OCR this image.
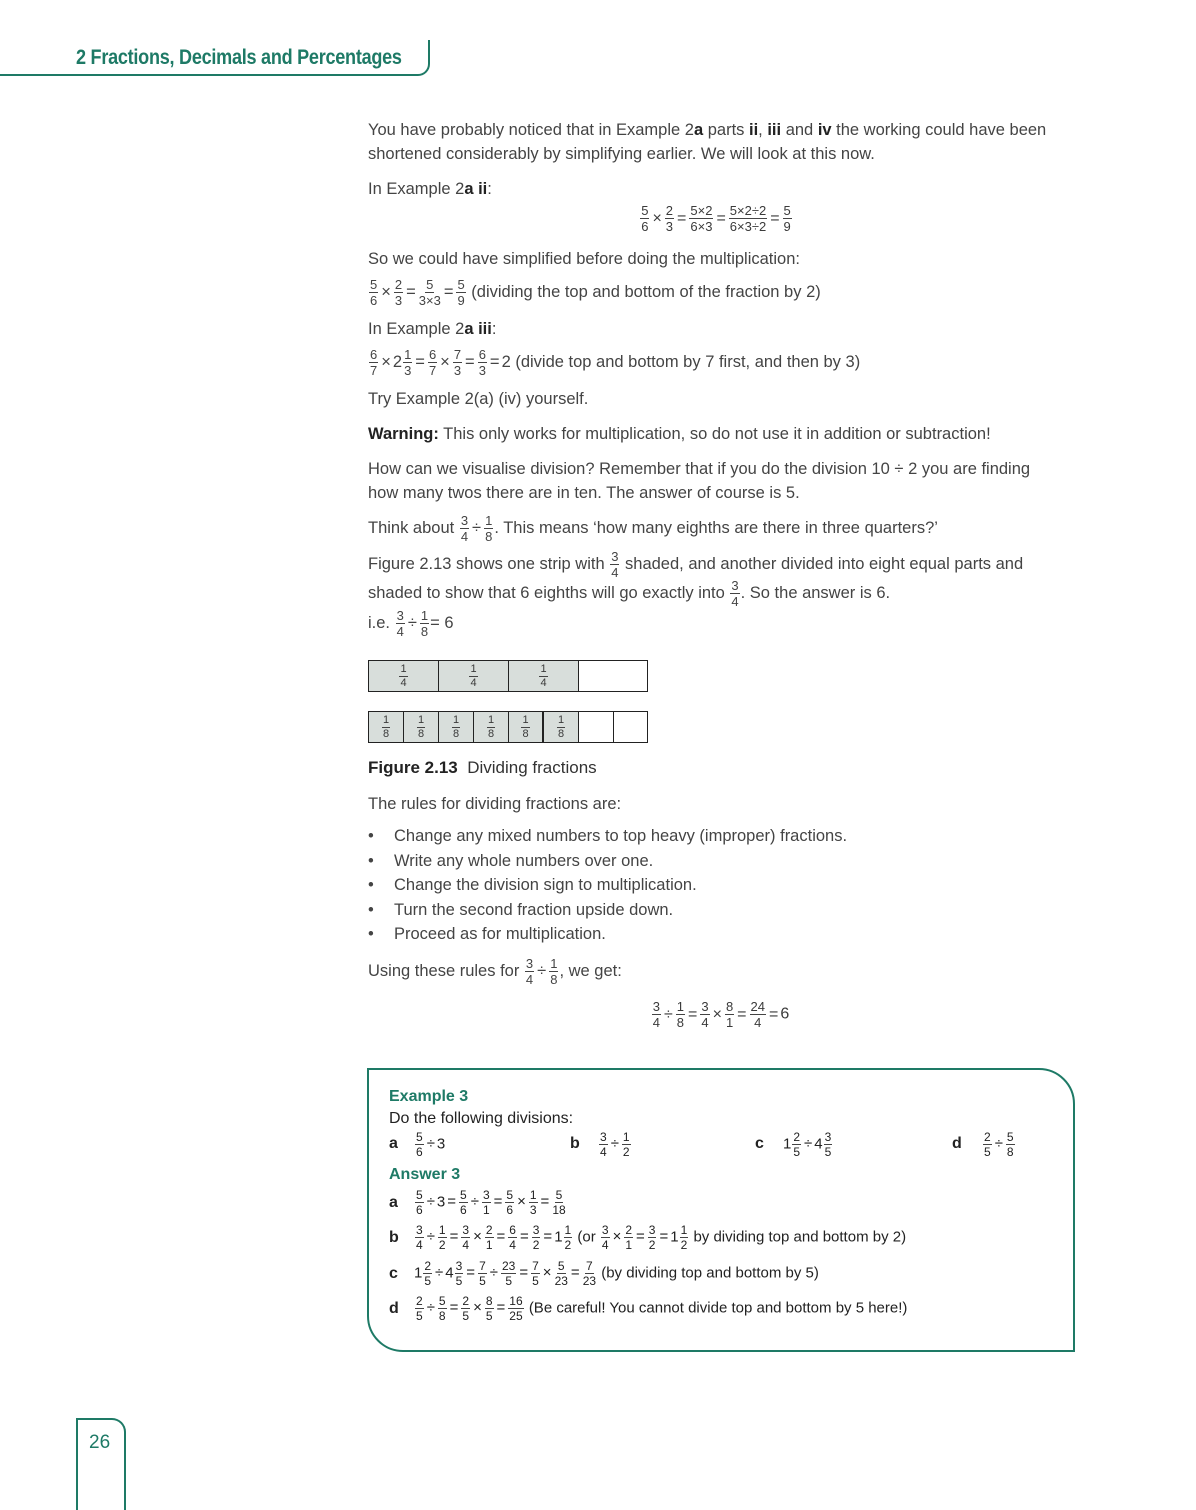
2 Fractions, Decimals and Percentages
You have probably noticed that in Example 2a parts ii, iii and iv the working could have been
shortened considerably by simplifying earlier. We will look at this now.
In Example 2a ii:
$\frac{5}{6} \times \frac{2}{3} = \frac{5\times 2}{6\times 3} = \frac{5\times 2\div 2}{6\times 3\div 2} = \frac{5}{9}$
So we could have simplified before doing the multiplication:
$\frac{5}{6} \times \frac{2}{3} = \frac{5}{3\times 3} = \frac{5}{9}$ (dividing the top and bottom of the fraction by 2)
In Example 2a iii:
$\frac{6}{7} \times 2 \frac{1}{3} = \frac{6}{7} \times \frac{7}{3} = \frac{6}{3} = 2$ (divide top and bottom by 7 first, and then by 3)
Try Example 2(a) (iv) yourself.
Warning: This only works for multiplication, so do not use it in addition or subtraction!
How can we visualise division? Remember that if you do the division 10 ÷ 2 you are finding
how many twos there are in ten. The answer of course is 5.
Think about $\frac{3}{4} \div \frac{1}{8}$ . This means ‘how many eighths are there in three quarters?’
Figure 2.13 shows one strip with $\frac{3}{4}$ shaded, and another divided into eight equal parts and
shaded to show that 6 eighths will go exactly into $\frac{3}{4}$ . So the answer is 6.
i.e. $\frac{3}{4} \div \frac{1}{8} = 6$
1
4
1
4
1
4
1
8
1
8
1
8
1
8
1
8
1
8
Figure 2.13 Dividing fractions
The rules for dividing fractions are:
• Change any mixed numbers to top heavy (improper) fractions.
• Write any whole numbers over one.
• Change the division sign to multiplication.
• Turn the second fraction upside down.
• Proceed as for multiplication.
Using these rules for $\frac{3}{4} \div \frac{1}{8}$ , we get:
$\frac{3}{4} \div \frac{1}{8} = \frac{3}{4} \times \frac{8}{1} = \frac{24}{4} = 6$
Example 3
Do the following divisions:
a $\frac{5}{6} \div 3$	b $\frac{3}{4} \div \frac{1}{2}$	c $1 \frac{2}{5} \div 4 \frac{3}{5}$	d $\frac{2}{5} \div \frac{5}{8}$
Answer 3
a $\frac{5}{6} \div 3 = \frac{5}{6} \div \frac{3}{1} = \frac{5}{6} \times \frac{1}{3} = \frac{5}{18}$
b $\frac{3}{4} \div \frac{1}{2} = \frac{3}{4} \times \frac{2}{1} = \frac{6}{4} = \frac{3}{2} = 1 \frac{1}{2} (or \frac{3}{4} \times \frac{2}{1} = \frac{3}{2} = 1 \frac{1}{2}$ by dividing top and bottom by 2)
c $1 \frac{2}{5} \div 4 \frac{3}{5} = \frac{7}{5} \div \frac{23}{5} = \frac{7}{5} \times \frac{5}{23} = \frac{7}{23} (by$ dividing top and bottom by 5)
d $\frac{2}{5} \div \frac{5}{8} = \frac{2}{5} \times \frac{8}{5} = \frac{16}{25} (Be$ careful! You cannot divide top and bottom by 5 here!)
26
